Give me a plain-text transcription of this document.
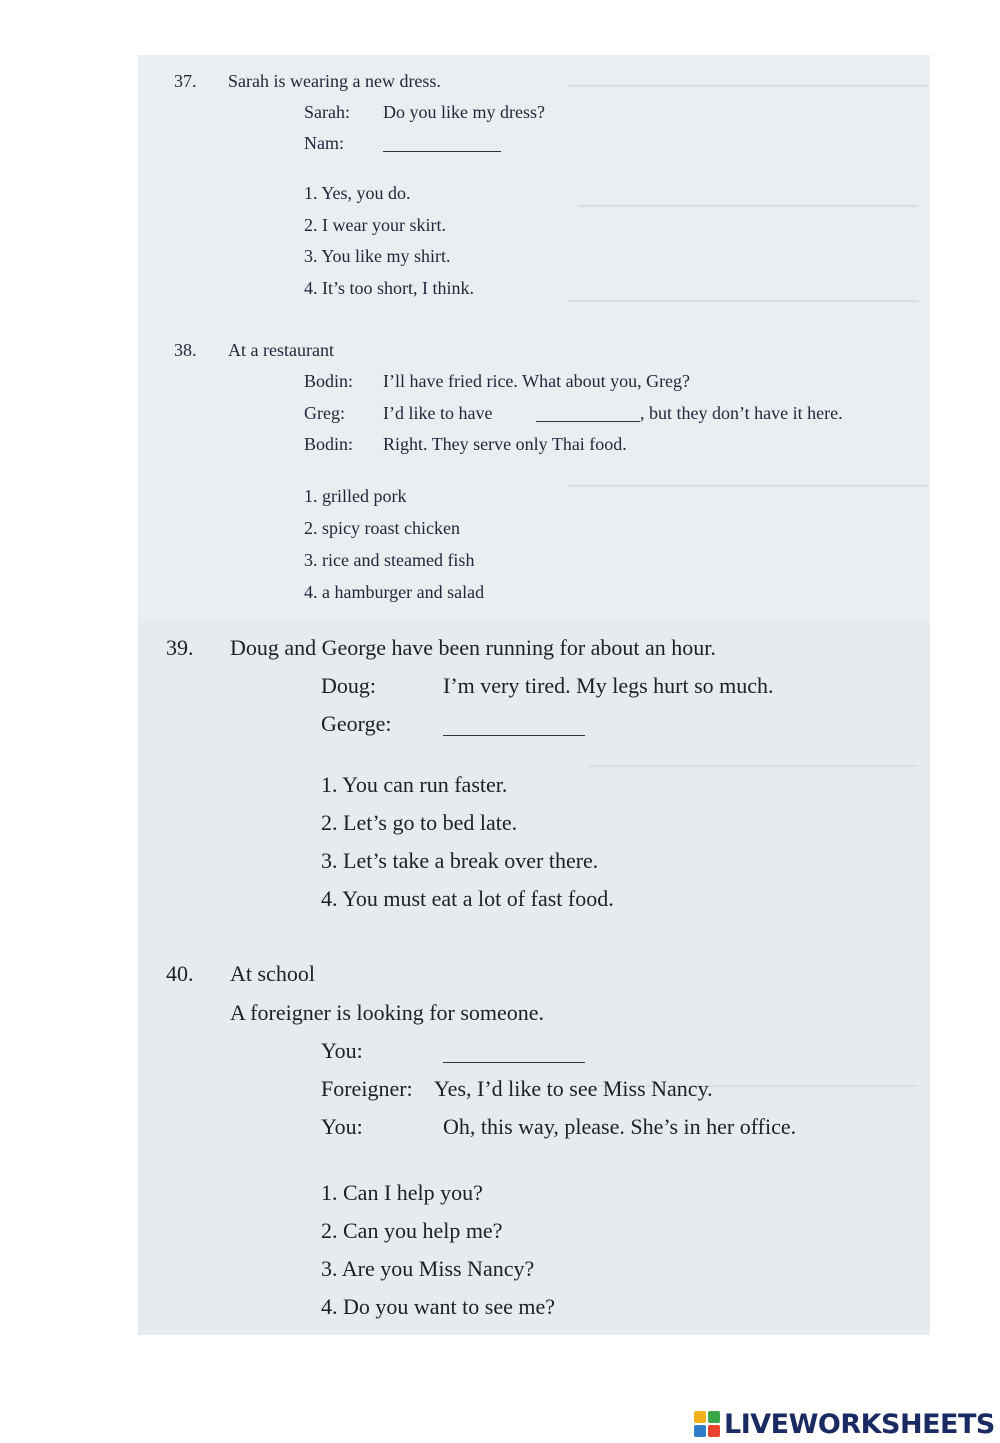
37. Sarah is wearing a new dress.
Sarah: Do you like my dress?
Nam:
1. Yes, you do.
2. I wear your skirt.
3. You like my shirt.
4. It’s too short, I think.
38. At a restaurant
Bodin: I’ll have fried rice. What about you, Greg?
Greg: I’d like to have	, but they don’t have it here.
Bodin: Right. They serve only Thai food.
1. grilled pork
2. spicy roast chicken
3. rice and steamed fish
4. a hamburger and salad
39. Doug and George have been running for about an hour.
Doug:	I’m very tired. My legs hurt so much.
George:
1. You can run faster.
2. Let’s go to bed late.
3. Let’s take a break over there.
4. You must eat a lot of fast food.
40. At school
A foreigner is looking for someone.
You:
Foreigner: Yes, I’d like to see Miss Nancy.
You:	Oh, this way, please. She’s in her office.
1. Can I help you?
2. Can you help me?
3. Are you Miss Nancy?
4. Do you want to see me?
LIVEWORKSHEETS
